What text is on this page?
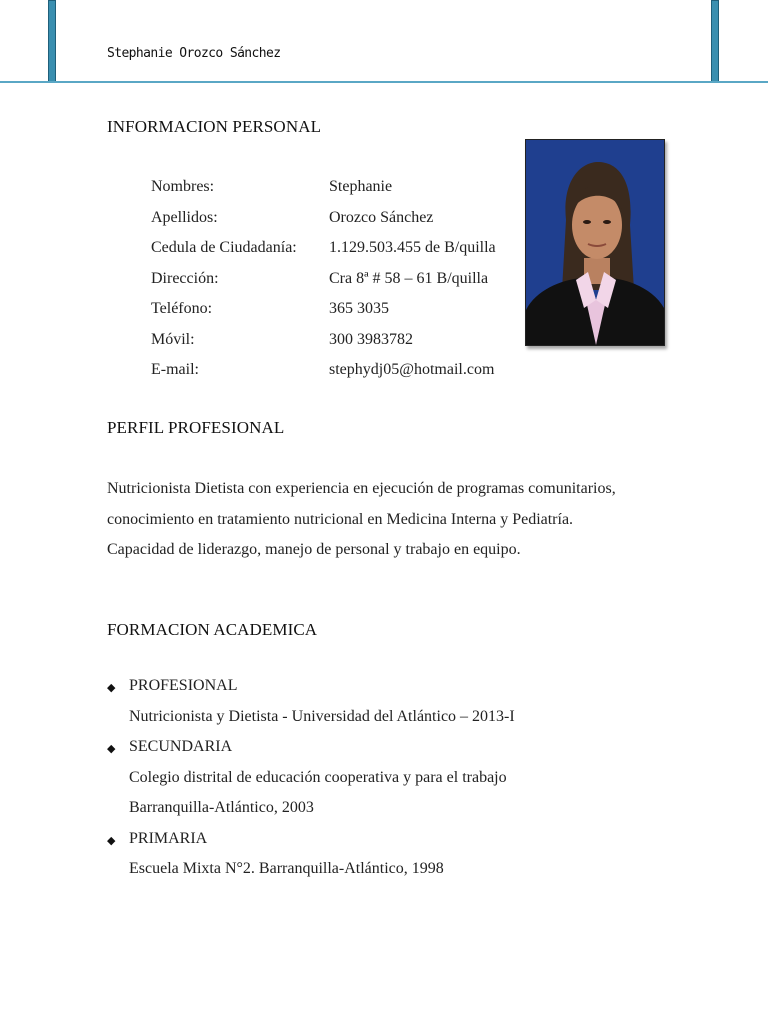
Stephanie Orozco Sánchez
INFORMACION PERSONAL
Nombres:	Stephanie
Apellidos:	Orozco Sánchez
Cedula de Ciudadanía:	1.129.503.455 de B/quilla
Dirección:	Cra 8ª # 58 – 61 B/quilla
Teléfono:	365 3035
Móvil:	300 3983782
E-mail:	stephydj05@hotmail.com
PERFIL PROFESIONAL
Nutricionista Dietista con experiencia en ejecución de programas comunitarios,
conocimiento en tratamiento nutricional en Medicina Interna y Pediatría.
Capacidad de liderazgo, manejo de personal y trabajo en equipo.
FORMACION ACADEMICA
◆ PROFESIONAL
Nutricionista y Dietista - Universidad del Atlántico – 2013-I
◆ SECUNDARIA
Colegio distrital de educación cooperativa y para el trabajo
Barranquilla-Atlántico, 2003
◆ PRIMARIA
Escuela Mixta N°2. Barranquilla-Atlántico, 1998
